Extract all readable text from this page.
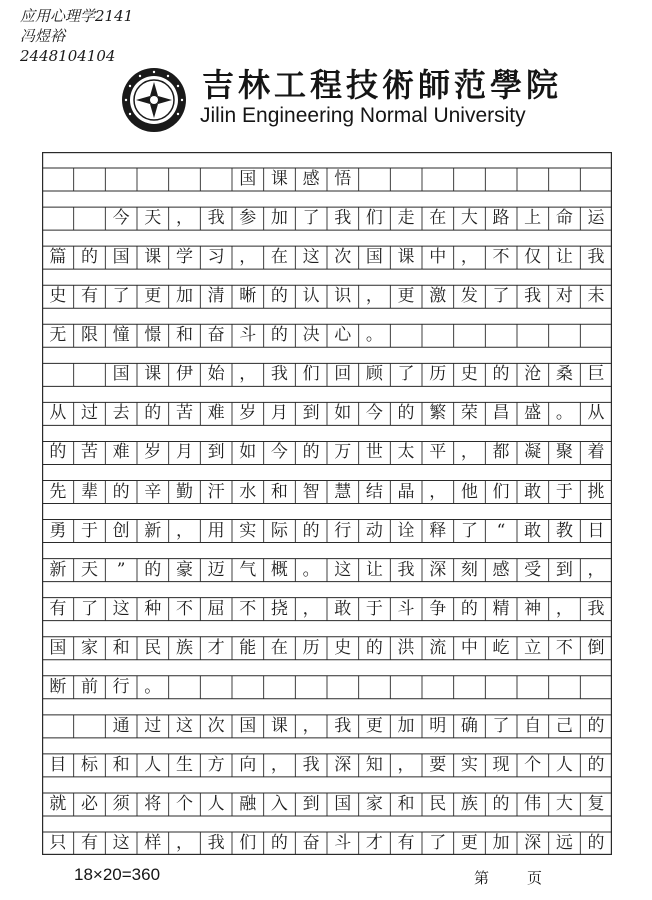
应用心理学2141
冯煜裕
2448104104
吉林工程技術師范學院
Jilin Engineering Normal University
国 课 感 悟
今 天 ， 我 参 加 了 我 们 走 在 大 路 上 命 运
篇 的 国 课 学 习 ， 在 这 次 国 课 中 ， 不 仅 让 我
史 有 了 更 加 清 晰 的 认 识 ， 更 激 发 了 我 对 未
无 限 憧 憬 和 奋 斗 的 决 心 。
国 课 伊 始 ， 我 们 回 顾 了 历 史 的 沧 桑 巨
从 过 去 的 苦 难 岁 月 到 如 今 的 繁 荣 昌 盛 。 从
的 苦 难 岁 月 到 如 今 的 万 世 太 平 ， 都 凝 聚 着
先 辈 的 辛 勤 汗 水 和 智 慧 结 晶 ， 他 们 敢 于 挑
勇 于 创 新 ， 用 实 际 的 行 动 诠 释 了	“	敢 教 日
新 天	”	的 豪 迈 气 概 。 这 让 我 深 刻 感 受 到 ，
有 了 这 种 不 屈 不 挠 ， 敢 于 斗 争 的 精 神 ， 我
国 家 和 民 族 才 能 在 历 史 的 洪 流 中 屹 立 不 倒
断 前 行 。
通 过 这 次 国 课 ， 我 更 加 明 确 了 自 己 的
目 标 和 人 生 方 向 ， 我 深 知 ， 要 实 现 个 人 的
就 必 须 将 个 人 融 入 到 国 家 和 民 族 的 伟 大 复
只 有 这 样 ， 我 们 的 奋 斗 才 有 了 更 加 深 远 的
18×20=360	第	页
